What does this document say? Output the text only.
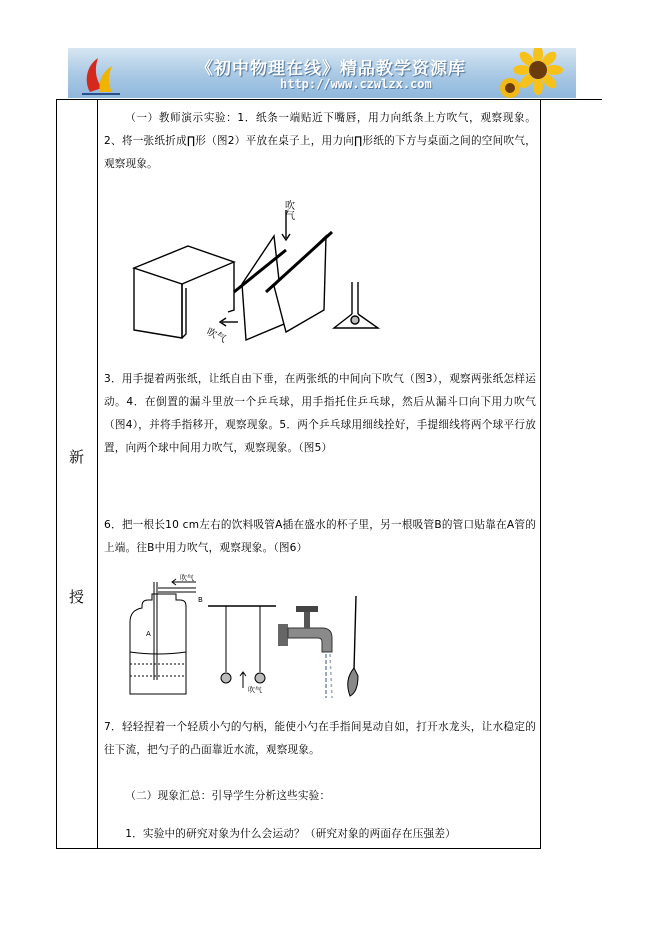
《初中物理在线》精品教学资源库
http://www.czwlzx.com
新
授
（一）教师演示实验：1．纸条一端贴近下嘴唇，用力向纸条上方吹气，观察现象。2、将一张纸折成∏形（图2）平放在桌子上，用力向∏形纸的下方与桌面之间的空间吹气，观察现象。
吹气
吹气
3．用手提着两张纸，让纸自由下垂，在两张纸的中间向下吹气（图3），观察两张纸怎样运动。4．在倒置的漏斗里放一个乒乓球，用手指托住乒乓球，然后从漏斗口向下用力吹气（图4），并将手指移开，观察现象。5．两个乒乓球用细线拴好，手提细线将两个球平行放置，向两个球中间用力吹气，观察现象。（图5）
6．把一根长10 cm左右的饮料吸管A插在盛水的杯子里，另一根吸管B的管口贴靠在A管的上端。往B中用力吹气，观察现象。（图6）
吹气
B
A
吹气
7．轻轻捏着一个轻质小勺的勺柄，能使小勺在手指间晃动自如，打开水龙头，让水稳定的往下流，把勺子的凸面靠近水流，观察现象。
（二）现象汇总：引导学生分析这些实验：
1．实验中的研究对象为什么会运动？（研究对象的两面存在压强差）
